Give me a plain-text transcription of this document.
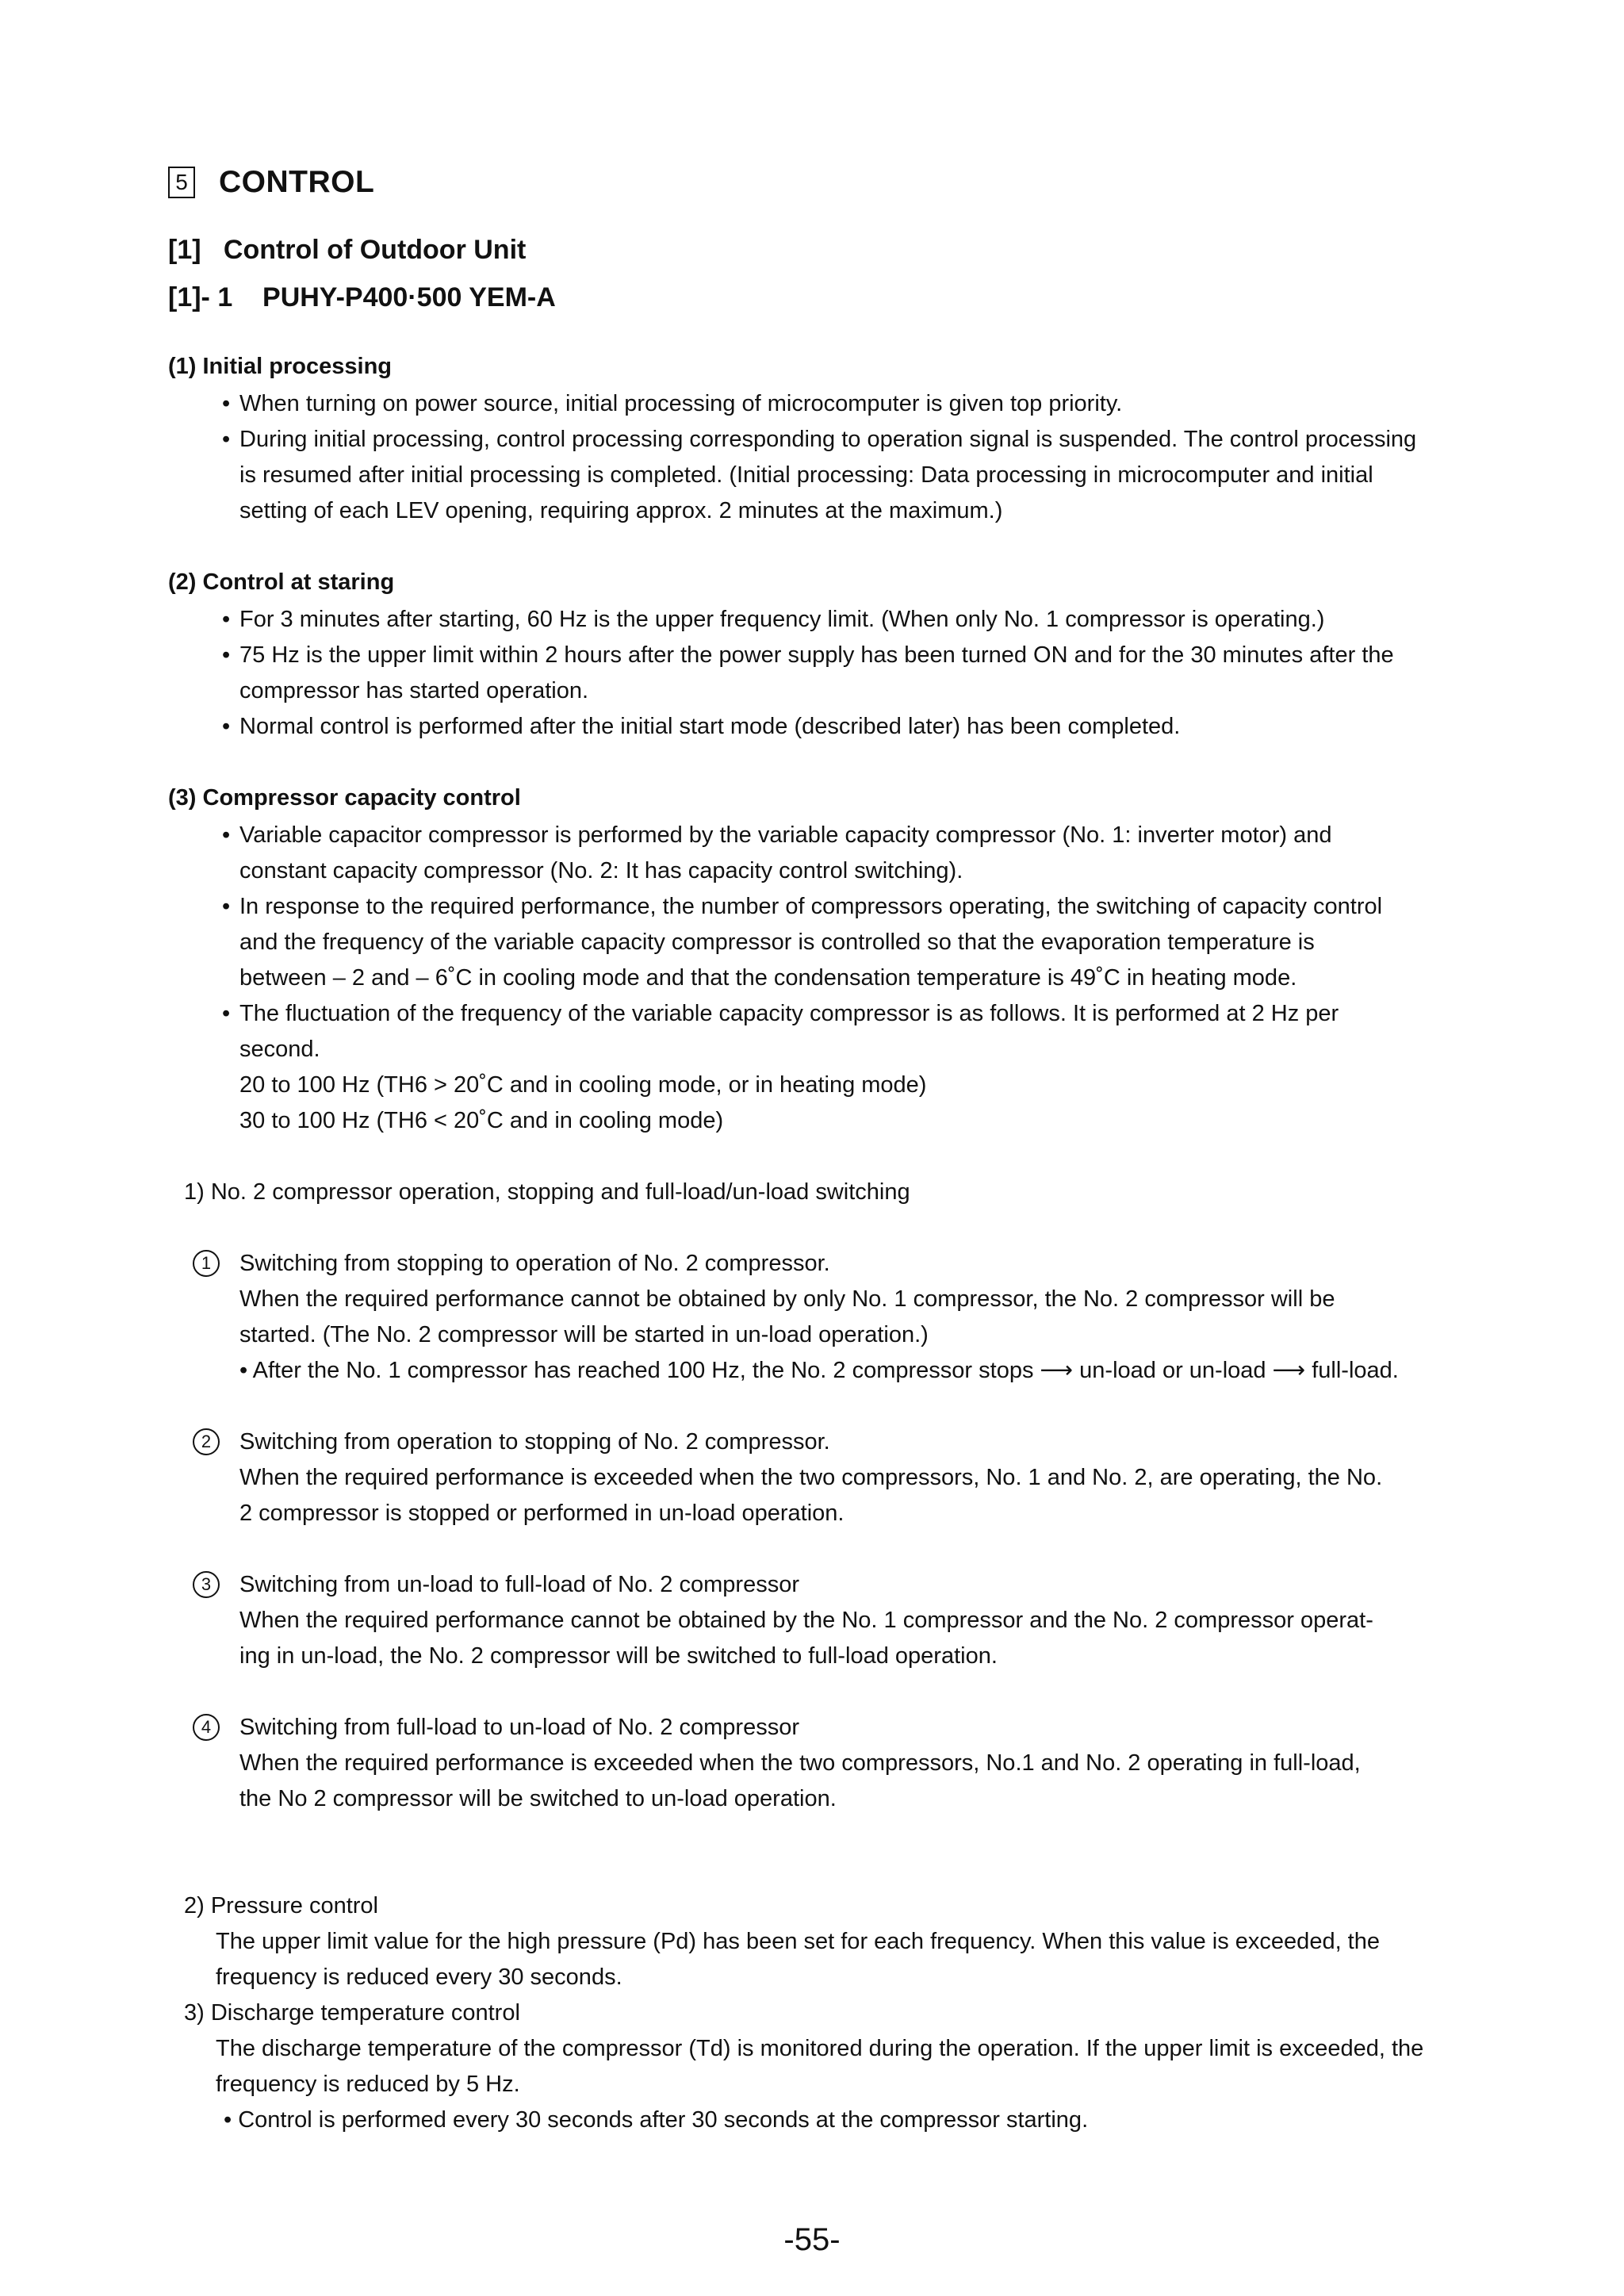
5 CONTROL
[1]   Control of Outdoor Unit
[1]- 1    PUHY-P400·500 YEM-A
(1) Initial processing
• When turning on power source, initial processing of microcomputer is given top priority.
• During initial processing, control processing corresponding to operation signal is suspended. The control processing
is resumed after initial processing is completed. (Initial processing: Data processing in microcomputer and initial
setting of each LEV opening, requiring approx. 2 minutes at the maximum.)
(2) Control at staring
• For 3 minutes after starting, 60 Hz is the upper frequency limit. (When only No. 1 compressor is operating.)
• 75 Hz is the upper limit within 2 hours after the power supply has been turned ON and for the 30 minutes after the
compressor has started operation.
• Normal control is performed after the initial start mode (described later) has been completed.
(3) Compressor capacity control
• Variable capacitor compressor is performed by the variable capacity compressor (No. 1: inverter motor) and
constant capacity compressor (No. 2: It has capacity control switching).
• In response to the required performance, the number of compressors operating, the switching of capacity control
and the frequency of the variable capacity compressor is controlled so that the evaporation temperature is
between – 2 and – 6˚C in cooling mode and that the condensation temperature is 49˚C in heating mode.
• The fluctuation of the frequency of the variable capacity compressor is as follows. It is performed at 2 Hz per
second.
20 to 100 Hz (TH6 > 20˚C and in cooling mode, or in heating mode)
30 to 100 Hz (TH6 < 20˚C and in cooling mode)
1) No. 2 compressor operation, stopping and full-load/un-load switching
1	Switching from stopping to operation of No. 2 compressor.
When the required performance cannot be obtained by only No. 1 compressor, the No. 2 compressor will be
started. (The No. 2 compressor will be started in un-load operation.)
• After the No. 1 compressor has reached 100 Hz, the No. 2 compressor stops ⟶ un-load or un-load ⟶ full-load.
2	Switching from operation to stopping of No. 2 compressor.
When the required performance is exceeded when the two compressors, No. 1 and No. 2, are operating, the No.
2 compressor is stopped or performed in un-load operation.
3	Switching from un-load to full-load of No. 2 compressor
When the required performance cannot be obtained by the No. 1 compressor and the No. 2 compressor operat-
ing in un-load, the No. 2 compressor will be switched to full-load operation.
4	Switching from full-load to un-load of No. 2 compressor
When the required performance is exceeded when the two compressors, No.1 and No. 2 operating in full-load,
the No 2 compressor will be switched to un-load operation.
2) Pressure control
The upper limit value for the high pressure (Pd) has been set for each frequency. When this value is exceeded, the
frequency is reduced every 30 seconds.
3) Discharge temperature control
The discharge temperature of the compressor (Td) is monitored during the operation. If the upper limit is exceeded, the
frequency is reduced by 5 Hz.
• Control is performed every 30 seconds after 30 seconds at the compressor starting.
-55-
